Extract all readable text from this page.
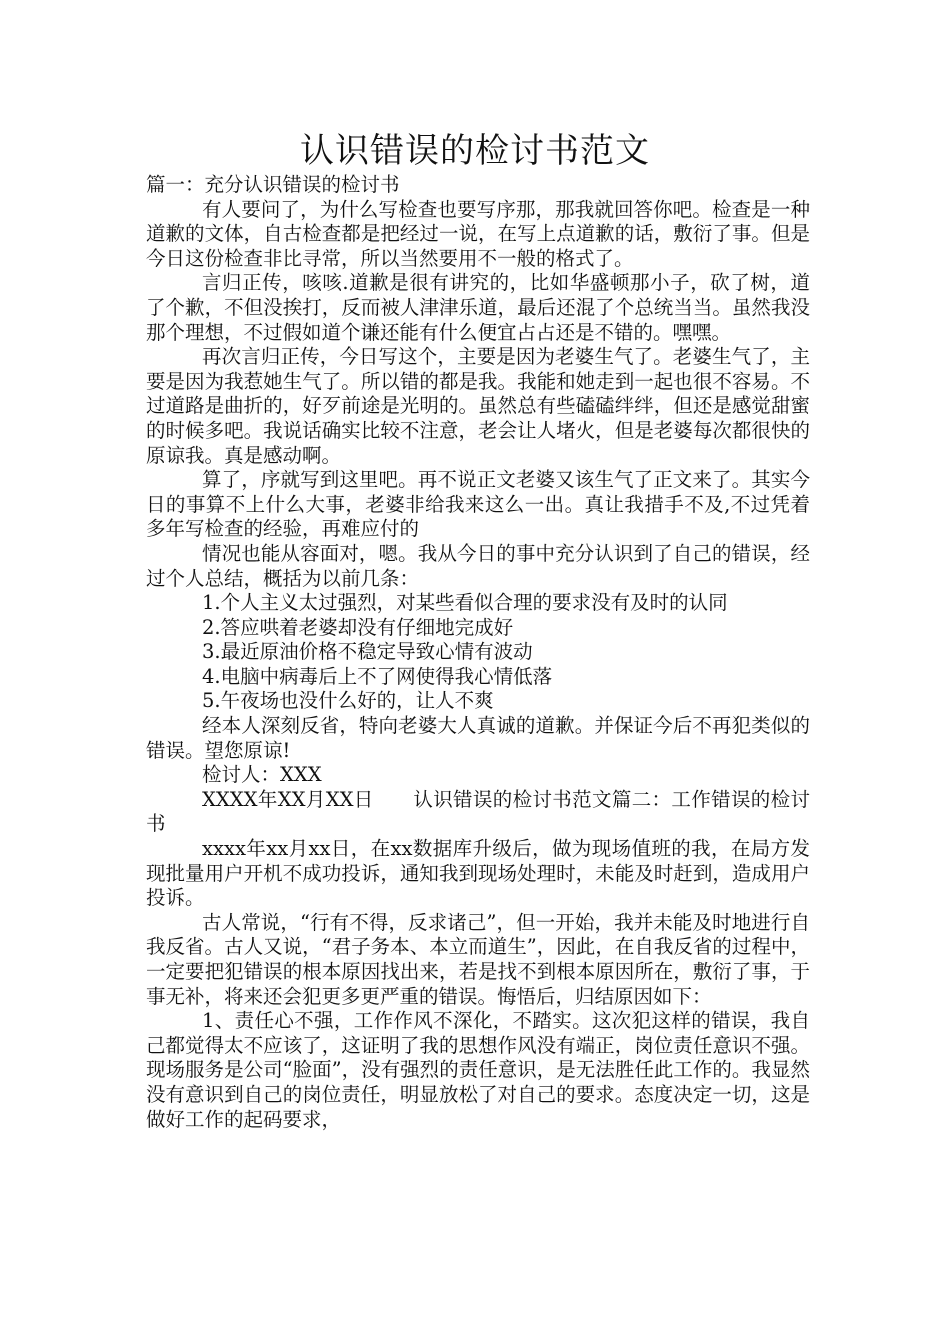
认识错误的检讨书范文

篇一：充分认识错误的检讨书

有人要问了，为什么写检查也要写序那，那我就回答你吧。检查是一种道歉的文体，自古检查都是把经过一说，在写上点道歉的话，敷衍了事。但是今日这份检查非比寻常，所以当然要用不一般的格式了。

言归正传，咳咳.道歉是很有讲究的，比如华盛顿那小子，砍了树，道了个歉，不但没挨打，反而被人津津乐道，最后还混了个总统当当。虽然我没那个理想，不过假如道个谦还能有什么便宜占占还是不错的。嘿嘿。

再次言归正传，今日写这个，主要是因为老婆生气了。老婆生气了，主要是因为我惹她生气了。所以错的都是我。我能和她走到一起也很不容易。不过道路是曲折的，好歹前途是光明的。虽然总有些磕磕绊绊，但还是感觉甜蜜的时候多吧。我说话确实比较不注意，老会让人堵火，但是老婆每次都很快的原谅我。真是感动啊。

算了，序就写到这里吧。再不说正文老婆又该生气了正文来了。其实今日的事算不上什么大事，老婆非给我来这么一出。真让我措手不及,不过凭着多年写检查的经验，再难应付的

情况也能从容面对，嗯。我从今日的事中充分认识到了自己的错误，经过个人总结，概括为以前几条：

1.个人主义太过强烈，对某些看似合理的要求没有及时的认同

2.答应哄着老婆却没有仔细地完成好

3.最近原油价格不稳定导致心情有波动

4.电脑中病毒后上不了网使得我心情低落

5.午夜场也没什么好的，让人不爽

经本人深刻反省，特向老婆大人真诚的道歉。并保证今后不再犯类似的错误。望您原谅!

检讨人：XXX

XXXX年XX月XX日　　认识错误的检讨书范文篇二：工作错误的检讨书

xxxx年xx月xx日，在xx数据库升级后，做为现场值班的我，在局方发现批量用户开机不成功投诉，通知我到现场处理时，未能及时赶到，造成用户投诉。

古人常说，“行有不得，反求诸己”，但一开始，我并未能及时地进行自我反省。古人又说，“君子务本、本立而道生”，因此，在自我反省的过程中，一定要把犯错误的根本原因找出来，若是找不到根本原因所在，敷衍了事，于事无补，将来还会犯更多更严重的错误。悔悟后，归结原因如下：

1、责任心不强，工作作风不深化，不踏实。这次犯这样的错误，我自己都觉得太不应该了，这证明了我的思想作风没有端正，岗位责任意识不强。现场服务是公司“脸面”，没有强烈的责任意识，是无法胜任此工作的。我显然没有意识到自己的岗位责任，明显放松了对自己的要求。态度决定一切，这是做好工作的起码要求，
